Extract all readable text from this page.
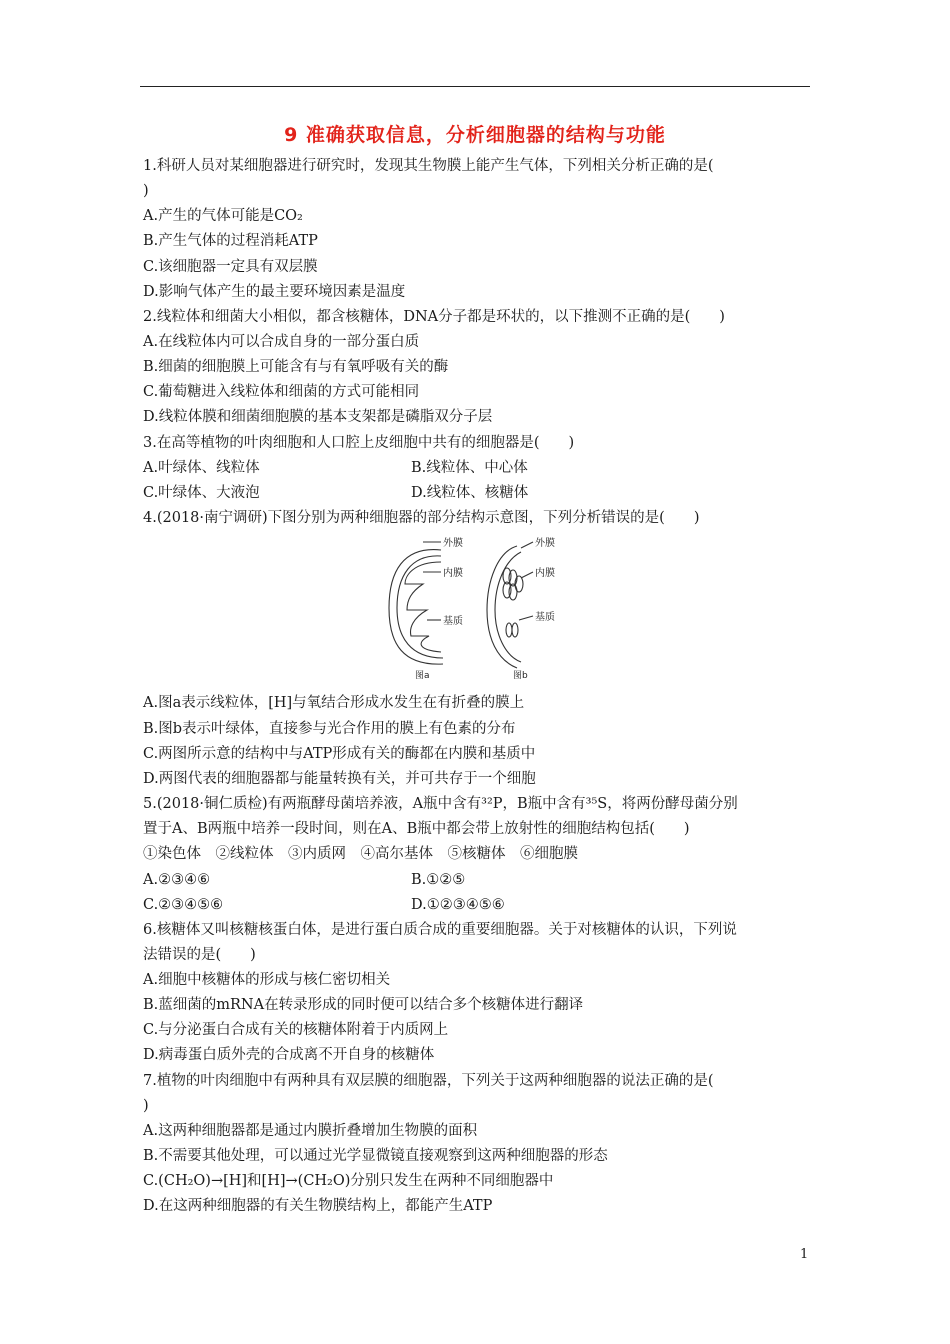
9 准确获取信息，分析细胞器的结构与功能
1.科研人员对某细胞器进行研究时，发现其生物膜上能产生气体，下列相关分析正确的是(
)
A.产生的气体可能是CO₂
B.产生气体的过程消耗ATP
C.该细胞器一定具有双层膜
D.影响气体产生的最主要环境因素是温度
2.线粒体和细菌大小相似，都含核糖体，DNA分子都是环状的，以下推测不正确的是(　　)
A.在线粒体内可以合成自身的一部分蛋白质
B.细菌的细胞膜上可能含有与有氧呼吸有关的酶
C.葡萄糖进入线粒体和细菌的方式可能相同
D.线粒体膜和细菌细胞膜的基本支架都是磷脂双分子层
3.在高等植物的叶肉细胞和人口腔上皮细胞中共有的细胞器是(　　)
A.叶绿体、线粒体	B.线粒体、中心体
C.叶绿体、大液泡	D.线粒体、核糖体
4.(2018·南宁调研)下图分别为两种细胞器的部分结构示意图，下列分析错误的是(　　)
外膜
内膜
基质
图a
外膜
内膜
基质
图b
A.图a表示线粒体，[H]与氧结合形成水发生在有折叠的膜上
B.图b表示叶绿体，直接参与光合作用的膜上有色素的分布
C.两图所示意的结构中与ATP形成有关的酶都在内膜和基质中
D.两图代表的细胞器都与能量转换有关，并可共存于一个细胞
5.(2018·铜仁质检)有两瓶酵母菌培养液，A瓶中含有³²P，B瓶中含有³⁵S，将两份酵母菌分别
置于A、B两瓶中培养一段时间，则在A、B瓶中都会带上放射性的细胞结构包括(　　)
①染色体　②线粒体　③内质网　④高尔基体　⑤核糖体　⑥细胞膜
A.②③④⑥	B.①②⑤
C.②③④⑤⑥	D.①②③④⑤⑥
6.核糖体又叫核糖核蛋白体，是进行蛋白质合成的重要细胞器。关于对核糖体的认识，下列说
法错误的是(　　)
A.细胞中核糖体的形成与核仁密切相关
B.蓝细菌的mRNA在转录形成的同时便可以结合多个核糖体进行翻译
C.与分泌蛋白合成有关的核糖体附着于内质网上
D.病毒蛋白质外壳的合成离不开自身的核糖体
7.植物的叶肉细胞中有两种具有双层膜的细胞器，下列关于这两种细胞器的说法正确的是(
)
A.这两种细胞器都是通过内膜折叠增加生物膜的面积
B.不需要其他处理，可以通过光学显微镜直接观察到这两种细胞器的形态
C.(CH₂O)→[H]和[H]→(CH₂O)分别只发生在两种不同细胞器中
D.在这两种细胞器的有关生物膜结构上，都能产生ATP
1
